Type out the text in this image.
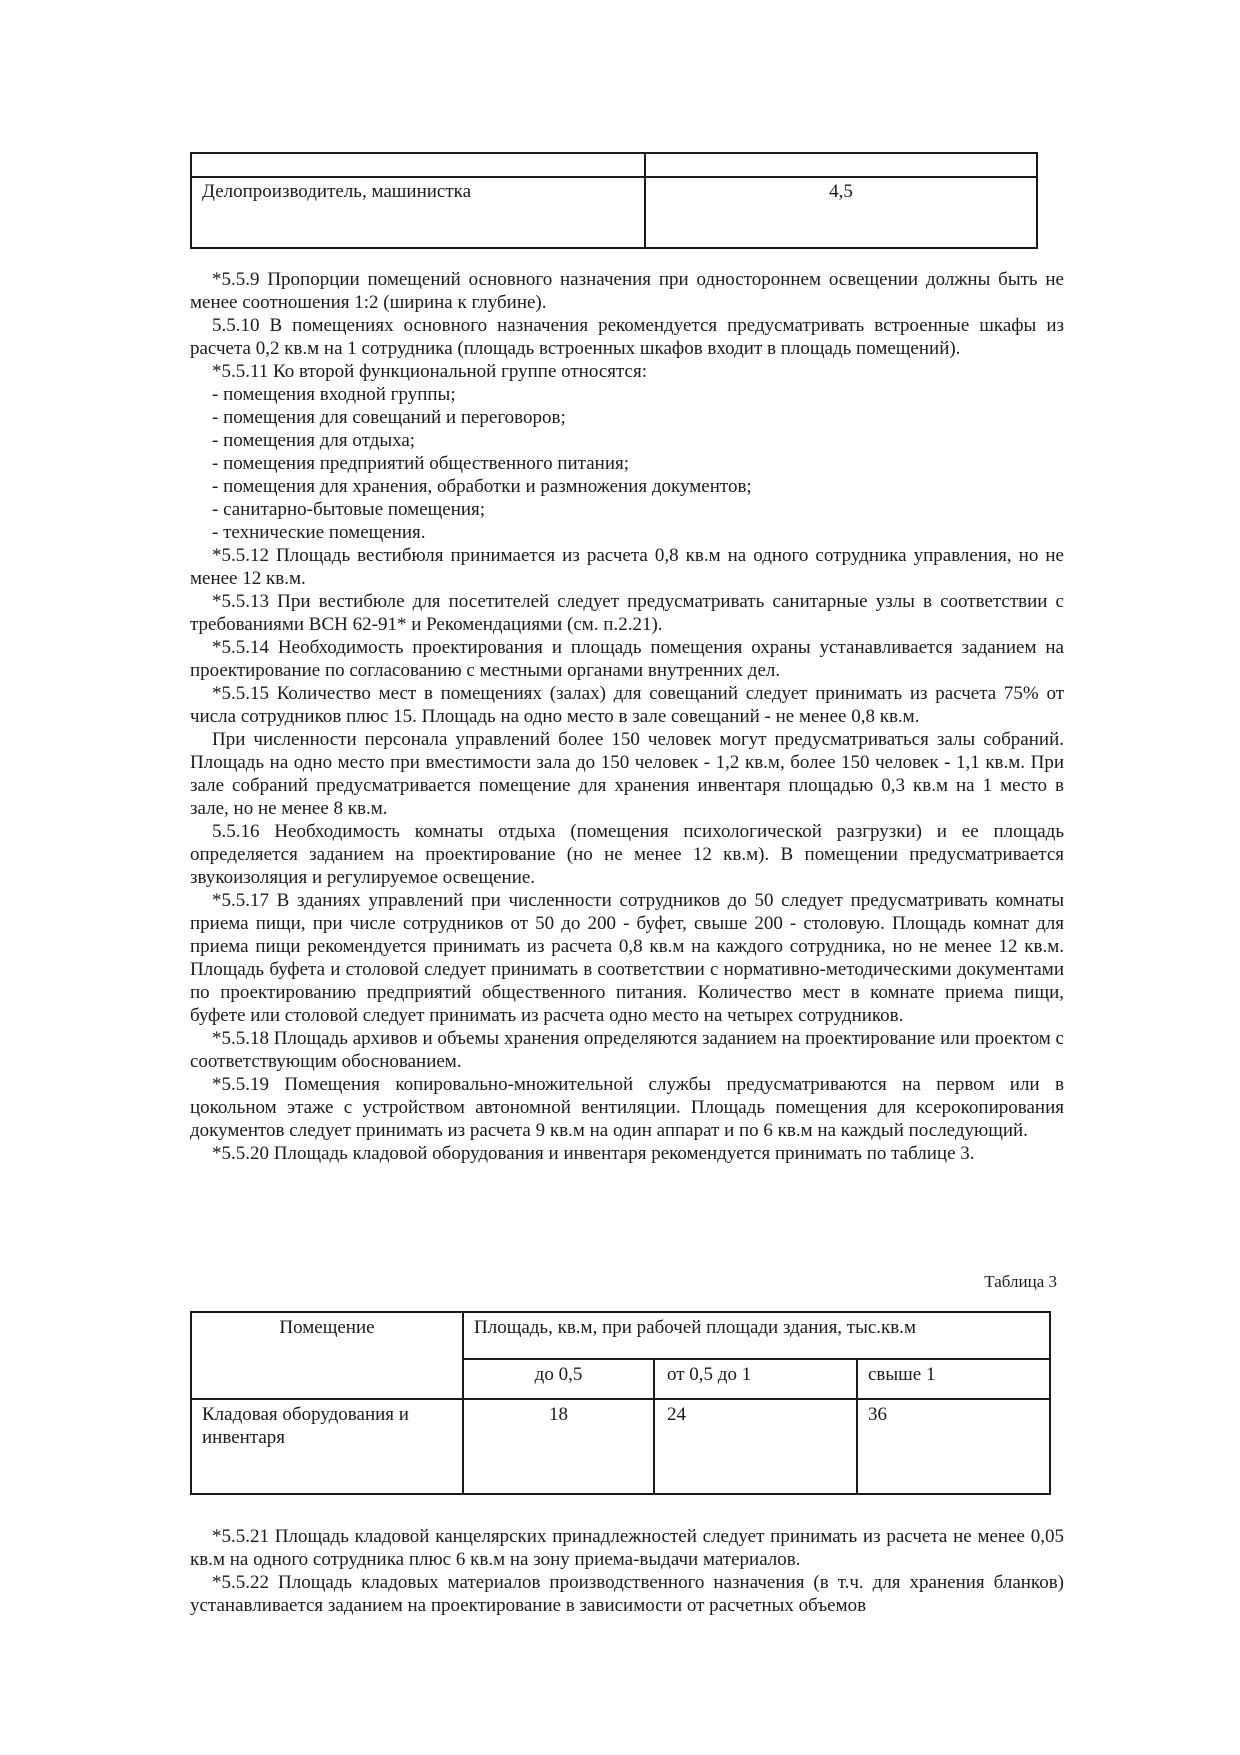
Делопроизводитель, машинистка	4,5

*5.5.9 Пропорции помещений основного назначения при одностороннем освещении должны быть не менее соотношения 1:2 (ширина к глубине).

5.5.10 В помещениях основного назначения рекомендуется предусматривать встроенные шкафы из расчета 0,2 кв.м на 1 сотрудника (площадь встроенных шкафов входит в площадь помещений).

*5.5.11 Ко второй функциональной группе относятся:

- помещения входной группы;

- помещения для совещаний и переговоров;

- помещения для отдыха;

- помещения предприятий общественного питания;

- помещения для хранения, обработки и размножения документов;

- санитарно-бытовые помещения;

- технические помещения.

*5.5.12 Площадь вестибюля принимается из расчета 0,8 кв.м на одного сотрудника управления, но не менее 12 кв.м.

*5.5.13 При вестибюле для посетителей следует предусматривать санитарные узлы в соответствии с требованиями ВСН 62-91* и Рекомендациями (см. п.2.21).

*5.5.14 Необходимость проектирования и площадь помещения охраны устанавливается заданием на проектирование по согласованию с местными органами внутренних дел.

*5.5.15 Количество мест в помещениях (залах) для совещаний следует принимать из расчета 75% от числа сотрудников плюс 15. Площадь на одно место в зале совещаний - не менее 0,8 кв.м.

При численности персонала управлений более 150 человек могут предусматриваться залы собраний. Площадь на одно место при вместимости зала до 150 человек - 1,2 кв.м, более 150 человек - 1,1 кв.м. При зале собраний предусматривается помещение для хранения инвентаря площадью 0,3 кв.м на 1 место в зале, но не менее 8 кв.м.

5.5.16 Необходимость комнаты отдыха (помещения психологической разгрузки) и ее площадь определяется заданием на проектирование (но не менее 12 кв.м). В помещении предусматривается звукоизоляция и регулируемое освещение.

*5.5.17 В зданиях управлений при численности сотрудников до 50 следует предусматривать комнаты приема пищи, при числе сотрудников от 50 до 200 - буфет, свыше 200 - столовую. Площадь комнат для приема пищи рекомендуется принимать из расчета 0,8 кв.м на каждого сотрудника, но не менее 12 кв.м. Площадь буфета и столовой следует принимать в соответствии с нормативно-методическими документами по проектированию предприятий общественного питания. Количество мест в комнате приема пищи, буфете или столовой следует принимать из расчета одно место на четырех сотрудников.

*5.5.18 Площадь архивов и объемы хранения определяются заданием на проектирование или проектом с соответствующим обоснованием.

*5.5.19 Помещения копировально-множительной службы предусматриваются на первом или в цокольном этаже с устройством автономной вентиляции. Площадь помещения для ксерокопирования документов следует принимать из расчета 9 кв.м на один аппарат и по 6 кв.м на каждый последующий.

*5.5.20 Площадь кладовой оборудования и инвентаря рекомендуется принимать по таблице 3.

Таблица 3
Помещение	Площадь, кв.м, при рабочей площади здания, тыс.кв.м		
	до 0,5	от 0,5 до 1	свыше 1
Кладовая оборудования и инвентаря	18	24	36

*5.5.21 Площадь кладовой канцелярских принадлежностей следует принимать из расчета не менее 0,05 кв.м на одного сотрудника плюс 6 кв.м на зону приема-выдачи материалов.

*5.5.22 Площадь кладовых материалов производственного назначения (в т.ч. для хранения бланков) устанавливается заданием на проектирование в зависимости от расчетных объемов
